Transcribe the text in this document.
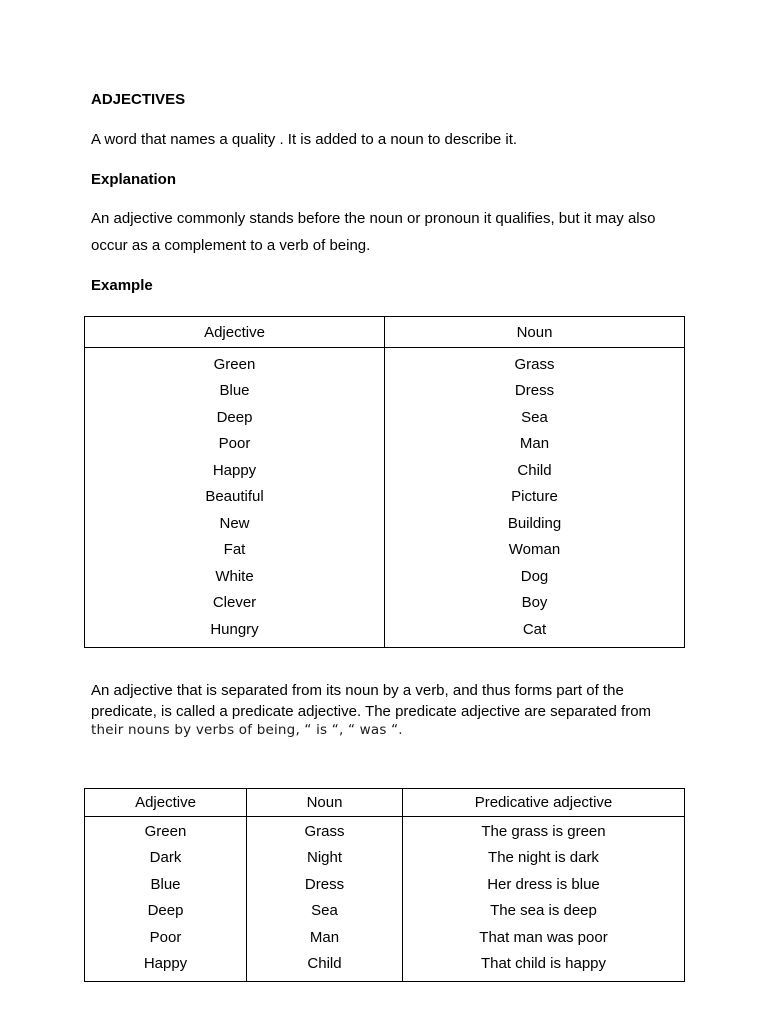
ADJECTIVES

A word that names a quality . It is added to a noun to describe it.

Explanation

An adjective commonly stands before the noun or pronoun it qualifies, but it may also

occur as a complement to a verb of being.

Example

Adjective	Noun
Green	Grass
Blue	Dress
Deep	Sea
Poor	Man
Happy	Child
Beautiful	Picture
New	Building
Fat	Woman
White	Dog
Clever	Boy
Hungry	Cat

An adjective that is separated from its noun by a verb, and thus forms part of the

predicate, is called a predicate adjective. The predicate adjective are separated from

their nouns by verbs of being, “ is “, “ was “.

Adjective	Noun	Predicative adjective
Green	Grass	The grass is green
Dark	Night	The night is dark
Blue	Dress	Her dress is blue
Deep	Sea	The sea is deep
Poor	Man	That man was poor
Happy	Child	That child is happy
